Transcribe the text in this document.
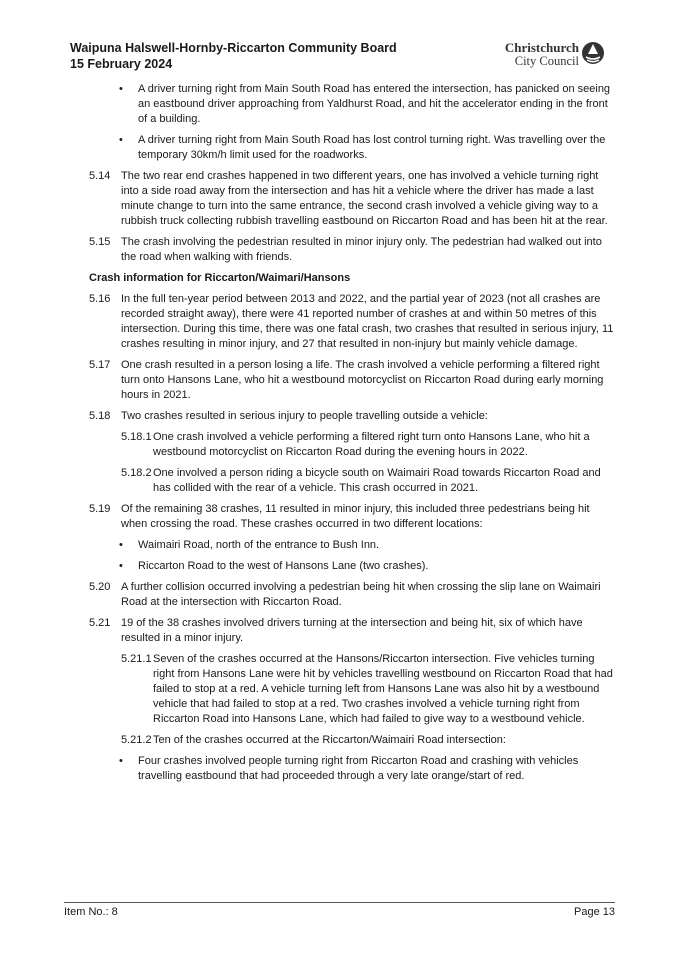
Waipuna Halswell-Hornby-Riccarton Community Board
15 February 2024
Christchurch
City Council
• A driver turning right from Main South Road has entered the intersection, has panicked on seeing an eastbound driver approaching from Yaldhurst Road, and hit the accelerator ending in the front of a building.
• A driver turning right from Main South Road has lost control turning right. Was travelling over the temporary 30km/h limit used for the roadworks.
5.14 The two rear end crashes happened in two different years, one has involved a vehicle turning right into a side road away from the intersection and has hit a vehicle where the driver has made a last minute change to turn into the same entrance, the second crash involved a vehicle giving way to a rubbish truck collecting rubbish travelling eastbound on Riccarton Road and has been hit at the rear.
5.15 The crash involving the pedestrian resulted in minor injury only. The pedestrian had walked out into the road when walking with friends.
Crash information for Riccarton/Waimari/Hansons
5.16 In the full ten-year period between 2013 and 2022, and the partial year of 2023 (not all crashes are recorded straight away), there were 41 reported number of crashes at and within 50 metres of this intersection. During this time, there was one fatal crash, two crashes that resulted in serious injury, 11 crashes resulting in minor injury, and 27 that resulted in non-injury but mainly vehicle damage.
5.17 One crash resulted in a person losing a life. The crash involved a vehicle performing a filtered right turn onto Hansons Lane, who hit a westbound motorcyclist on Riccarton Road during early morning hours in 2021.
5.18 Two crashes resulted in serious injury to people travelling outside a vehicle:
5.18.1 One crash involved a vehicle performing a filtered right turn onto Hansons Lane, who hit a westbound motorcyclist on Riccarton Road during the evening hours in 2022.
5.18.2 One involved a person riding a bicycle south on Waimairi Road towards Riccarton Road and has collided with the rear of a vehicle. This crash occurred in 2021.
5.19 Of the remaining 38 crashes, 11 resulted in minor injury, this included three pedestrians being hit when crossing the road. These crashes occurred in two different locations:
• Waimairi Road, north of the entrance to Bush Inn.
• Riccarton Road to the west of Hansons Lane (two crashes).
5.20 A further collision occurred involving a pedestrian being hit when crossing the slip lane on Waimairi Road at the intersection with Riccarton Road.
5.21 19 of the 38 crashes involved drivers turning at the intersection and being hit, six of which have resulted in a minor injury.
5.21.1 Seven of the crashes occurred at the Hansons/Riccarton intersection. Five vehicles turning right from Hansons Lane were hit by vehicles travelling westbound on Riccarton Road that had failed to stop at a red. A vehicle turning left from Hansons Lane was also hit by a westbound vehicle that had failed to stop at a red. Two crashes involved a vehicle turning right from Riccarton Road into Hansons Lane, which had failed to give way to a westbound vehicle.
5.21.2 Ten of the crashes occurred at the Riccarton/Waimairi Road intersection:
• Four crashes involved people turning right from Riccarton Road and crashing with vehicles travelling eastbound that had proceeded through a very late orange/start of red.
Item No.: 8	Page 13
